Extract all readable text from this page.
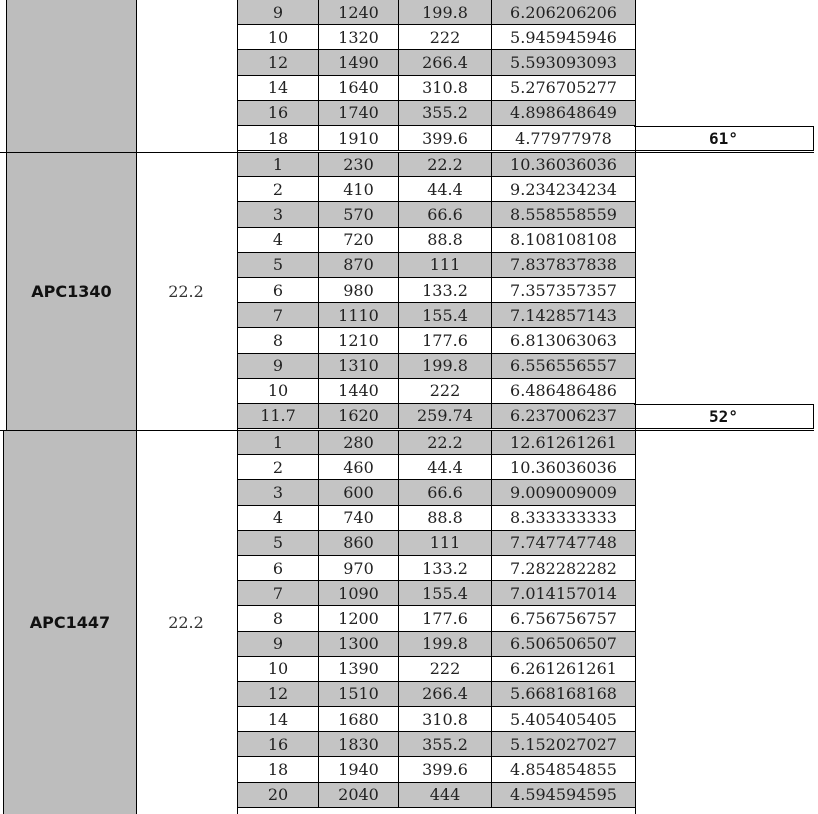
9	1240	199.8	6.206206206
10	1320	222	5.945945946
12	1490	266.4	5.593093093
14	1640	310.8	5.276705277
16	1740	355.2	4.898648649
18	1910	399.6	4.77977978	61°
APC1340	22.2
1	230	22.2	10.36036036
2	410	44.4	9.234234234
3	570	66.6	8.558558559
4	720	88.8	8.108108108
5	870	111	7.837837838
6	980	133.2	7.357357357
7	1110	155.4	7.142857143
8	1210	177.6	6.813063063
9	1310	199.8	6.556556557
10	1440	222	6.486486486
11.7	1620	259.74	6.237006237	52°
APC1447	22.2
1	280	22.2	12.61261261
2	460	44.4	10.36036036
3	600	66.6	9.009009009
4	740	88.8	8.333333333
5	860	111	7.747747748
6	970	133.2	7.282282282
7	1090	155.4	7.014157014
8	1200	177.6	6.756756757
9	1300	199.8	6.506506507
10	1390	222	6.261261261
12	1510	266.4	5.668168168
14	1680	310.8	5.405405405
16	1830	355.2	5.152027027
18	1940	399.6	4.854854855
20	2040	444	4.594594595
